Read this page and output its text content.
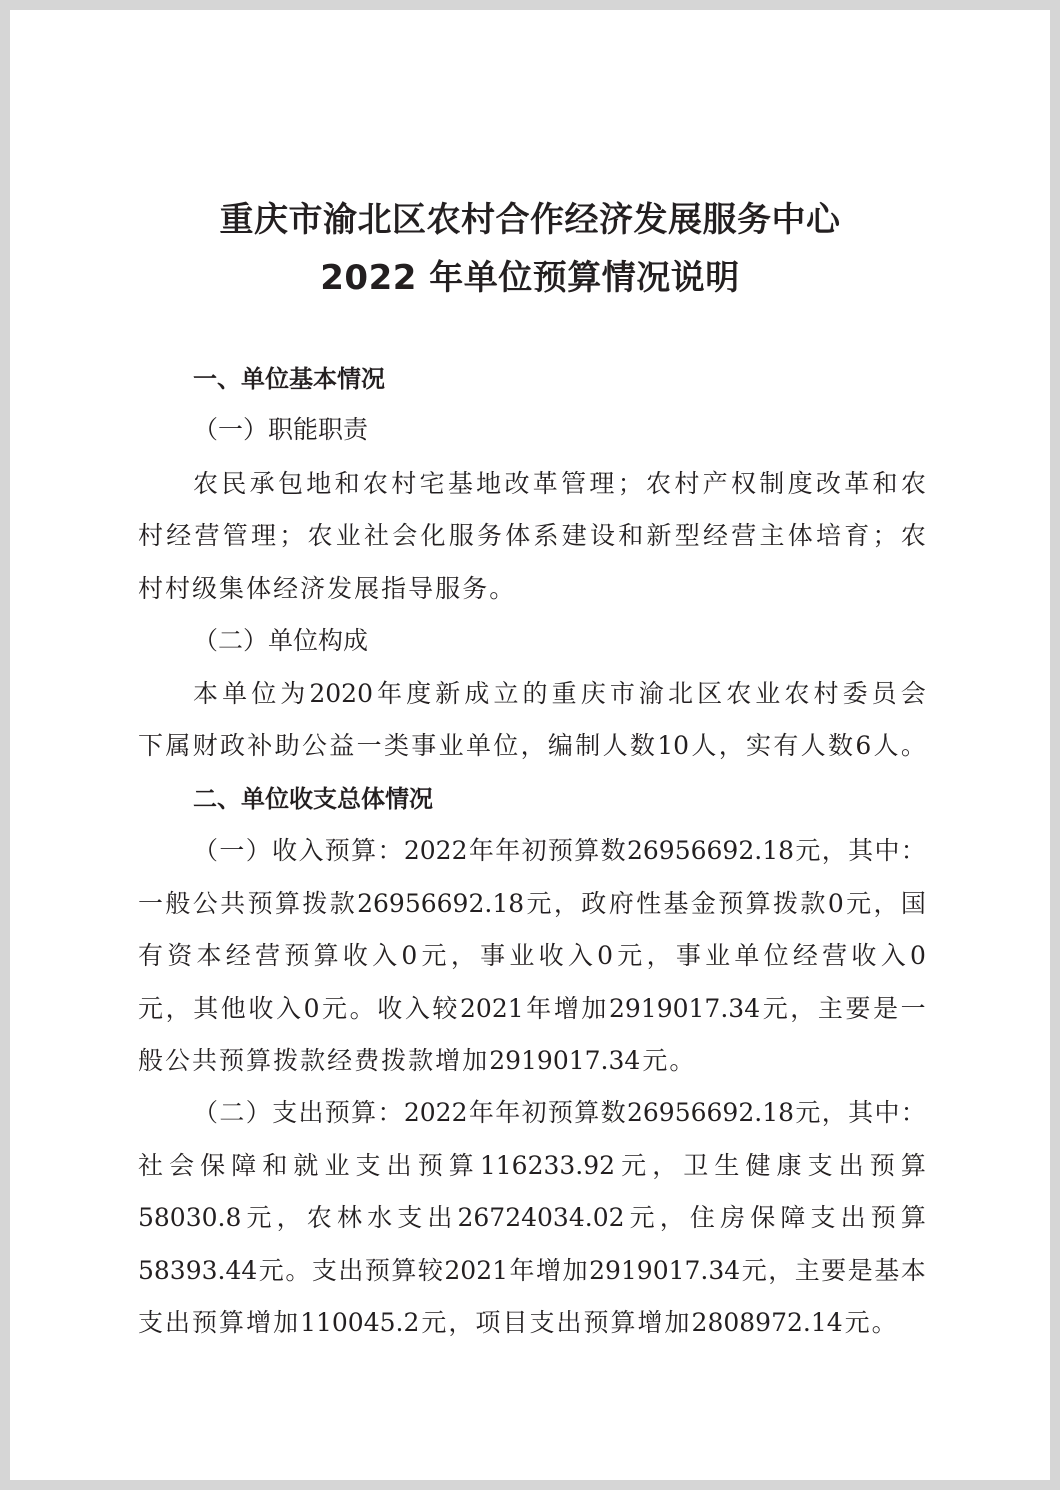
重庆市渝北区农村合作经济发展服务中心
2022 年单位预算情况说明
一、单位基本情况
（一）职能职责
农 民 承 包 地 和 农 村 宅 基 地 改 革 管 理 ； 农 村 产 权 制 度 改 革 和 农
村 经 营 管 理 ； 农 业 社 会 化 服 务 体 系 建 设 和 新 型 经 营 主 体 培 育 ； 农
村 村 级 集 体 经 济 发 展 指 导 服 务 。
（二）单位构成
本 单 位 为 2020 年 度 新 成 立 的 重 庆 市 渝 北 区 农 业 农 村 委 员 会
下 属 财 政 补 助 公 益 一 类 事 业 单 位 ， 编 制 人 数 10 人 ， 实 有 人 数 6 人 。
二、单位收支总体情况
（ 一 ） 收 入 预 算 ： 2022 年 年 初 预 算 数 26956692.18 元 ， 其 中 ：
一 般 公 共 预 算 拨 款 26956692.18 元 ， 政 府 性 基 金 预 算 拨 款 0 元 ， 国
有 资 本 经 营 预 算 收 入 0 元 ， 事 业 收 入 0 元 ， 事 业 单 位 经 营 收 入 0
元 ， 其 他 收 入 0 元 。 收 入 较 2021 年 增 加 2919017.34 元 ， 主 要 是 一
般 公 共 预 算 拨 款 经 费 拨 款 增 加 2919017.34 元 。
（ 二 ） 支 出 预 算 ： 2022 年 年 初 预 算 数 26956692.18 元 ， 其 中 ：
社 会 保 障 和 就 业 支 出 预 算 116233.92 元 ， 卫 生 健 康 支 出 预 算
58030.8 元 ， 农 林 水 支 出 26724034.02 元 ， 住 房 保 障 支 出 预 算
58393.44 元 。 支 出 预 算 较 2021 年 增 加 2919017.34 元 ， 主 要 是 基 本
支 出 预 算 增 加 110045.2 元 ， 项 目 支 出 预 算 增 加 2808972.14 元 。
